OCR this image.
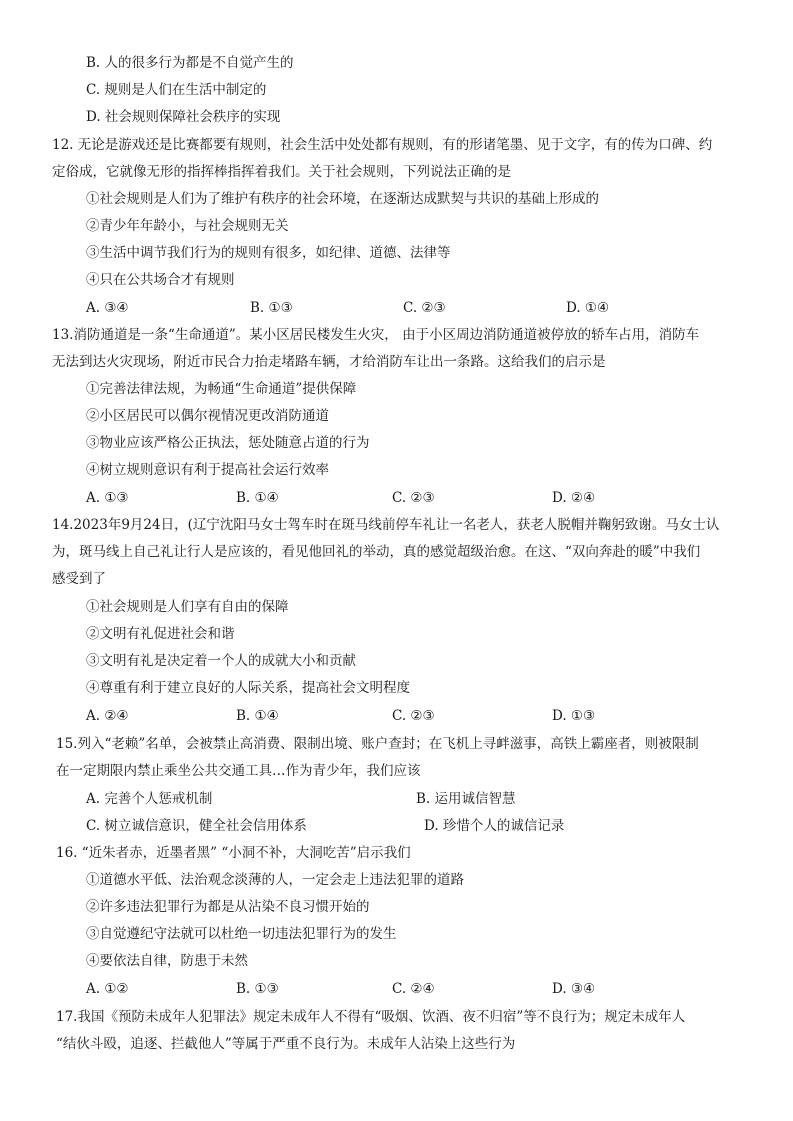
B. 人的很多行为都是不自觉产生的
C. 规则是人们在生活中制定的
D. 社会规则保障社会秩序的实现
12. 无论是游戏还是比赛都要有规则，社会生活中处处都有规则，有的形诸笔墨、见于文字，有的传为口碑、约
定俗成，它就像无形的指挥棒指挥着我们。关于社会规则，下列说法正确的是
①社会规则是人们为了维护有秩序的社会环境，在逐渐达成默契与共识的基础上形成的
②青少年年龄小，与社会规则无关
③生活中调节我们行为的规则有很多，如纪律、道德、法律等
④只在公共场合才有规则
A. ③④	B. ①③	C. ②③	D. ①④
13.消防通道是一条“生命通道”。某小区居民楼发生火灾， 由于小区周边消防通道被停放的轿车占用，消防车
无法到达火灾现场，附近市民合力抬走堵路车辆，才给消防车让出一条路。这给我们的启示是
①完善法律法规，为畅通“生命通道”提供保障
②小区居民可以偶尔视情况更改消防通道
③物业应该严格公正执法，惩处随意占道的行为
④树立规则意识有利于提高社会运行效率
A. ①③	B. ①④	C. ②③	D. ②④
14.2023年9月24日，(辽宁沈阳马女士驾车时在斑马线前停车礼让一名老人，获老人脱帽并鞠躬致谢。马女士认
为，斑马线上自己礼让行人是应该的，看见他回礼的举动，真的感觉超级治愈。在这、“双向奔赴的暖”中我们
感受到了
①社会规则是人们享有自由的保障
②文明有礼促进社会和谐
③文明有礼是决定着一个人的成就大小和贡献
④尊重有利于建立良好的人际关系，提高社会文明程度
A. ②④	B. ①④	C. ②③	D. ①③
15.列入“老赖”名单，会被禁止高消费、限制出境、账户查封；在飞机上寻衅滋事，高铁上霸座者，则被限制
在一定期限内禁止乘坐公共交通工具…作为青少年，我们应该
A. 完善个人惩戒机制	B. 运用诚信智慧
C. 树立诚信意识，健全社会信用体系	D. 珍惜个人的诚信记录
16. “近朱者赤，近墨者黑” “小洞不补，大洞吃苦”启示我们
①道德水平低、法治观念淡薄的人，一定会走上违法犯罪的道路
②许多违法犯罪行为都是从沾染不良习惯开始的
③自觉遵纪守法就可以杜绝一切违法犯罪行为的发生
④要依法自律，防患于未然
A. ①②	B. ①③	C. ②④	D. ③④
17.我国《预防未成年人犯罪法》规定未成年人不得有“吸烟、饮酒、夜不归宿”等不良行为；规定未成年人
“结伙斗殴，追逐、拦截他人”等属于严重不良行为。未成年人沾染上这些行为
